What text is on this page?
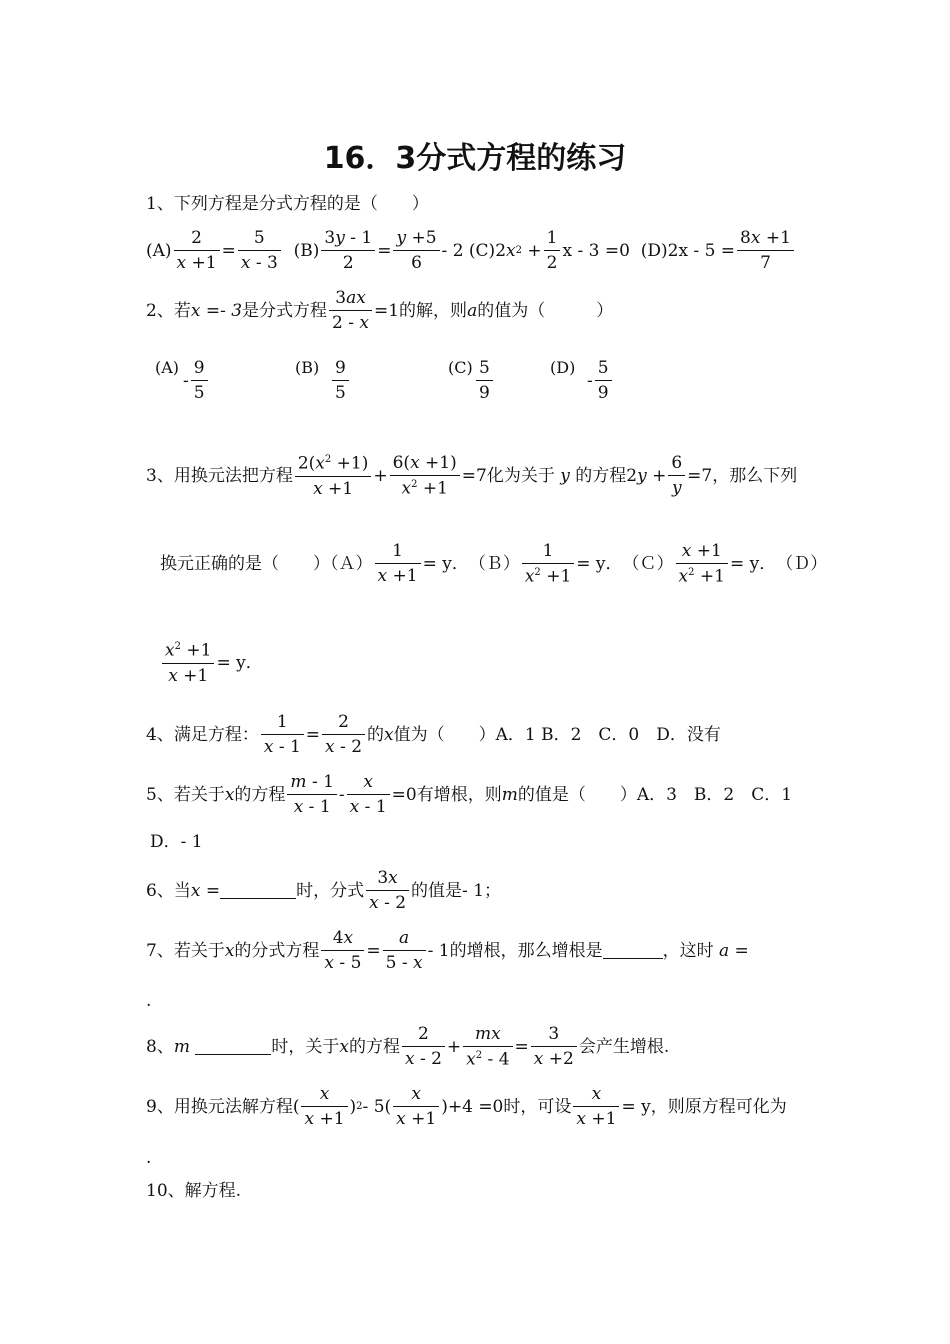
16．3分式方程的练习
1、下列方程是分式方程的是（　　）
$(A) \frac{2}{x +1} = \frac{5}{x - 3}$
$(B) \frac{3y - 1}{2} = \frac{y +5}{6} - 2$
(C) 2 x $2 + \frac{1}{2}$ x - 3 =0
(D) $2x - 5 = \frac{8x +1}{7}$
2、若 x =- 3 是分式方程 $\frac{3ax}{2 - x} =1$的解，则 a 的值为（　　　）
(A)
- $\frac{9}{5}$	$(B) \frac{9}{5}$	$(C) \frac{5}{9}$	(D)
- $\frac{5}{9}$
3、用换元法把方程 $\frac{2(x^2 +1)}{x +1} + \frac{6(x +1)}{x^2 +1} =7$ 化为关于
y
的方程 2 $y + \frac{6}{y} =7$ ，那么下列
换元正确的是（　　）（Ａ） $\frac{1}{x +1} = y$． （Ｂ） $\frac{1}{x^2 +1} = y$． （Ｃ） $\frac{x +1}{x^2 +1} = y$． （Ｄ）
$\frac{x^2 +1}{x +1} = y$．
4、满足方程： $\frac{1}{x - 1} = \frac{2}{x - 2}$ 的 x 值为（　　）A．1 B．2　C．0　D．没有
5、若关于 x 的方程 $\frac{m - 1}{x - 1} - \frac{x}{x - 1} =0$有增根，则 m 的值是（　　）A．3　B．2　C．1
D．- 1
6、当 x =	时，分式 $\frac{3x}{x - 2}$ 的值是- 1；
7、若关于 x 的分式方程 $\frac{4x}{x - 5} = \frac{a}{5 - x} - 1$的增根，那么增根是	，这时
a =
.
8、 m
	时，关于 x 的方程 $\frac{2}{x - 2} + \frac{mx}{x^2 - 4} = \frac{3}{x +2}$ 会产生增根.
9、用换元法解方程 ( $\frac{x}{x +1}$ ) $2 - 5( \frac{x}{x +1} )+4 =0$时，可设 $\frac{x}{x +1} = y$ ，则原方程可化为
.
10、解方程.
